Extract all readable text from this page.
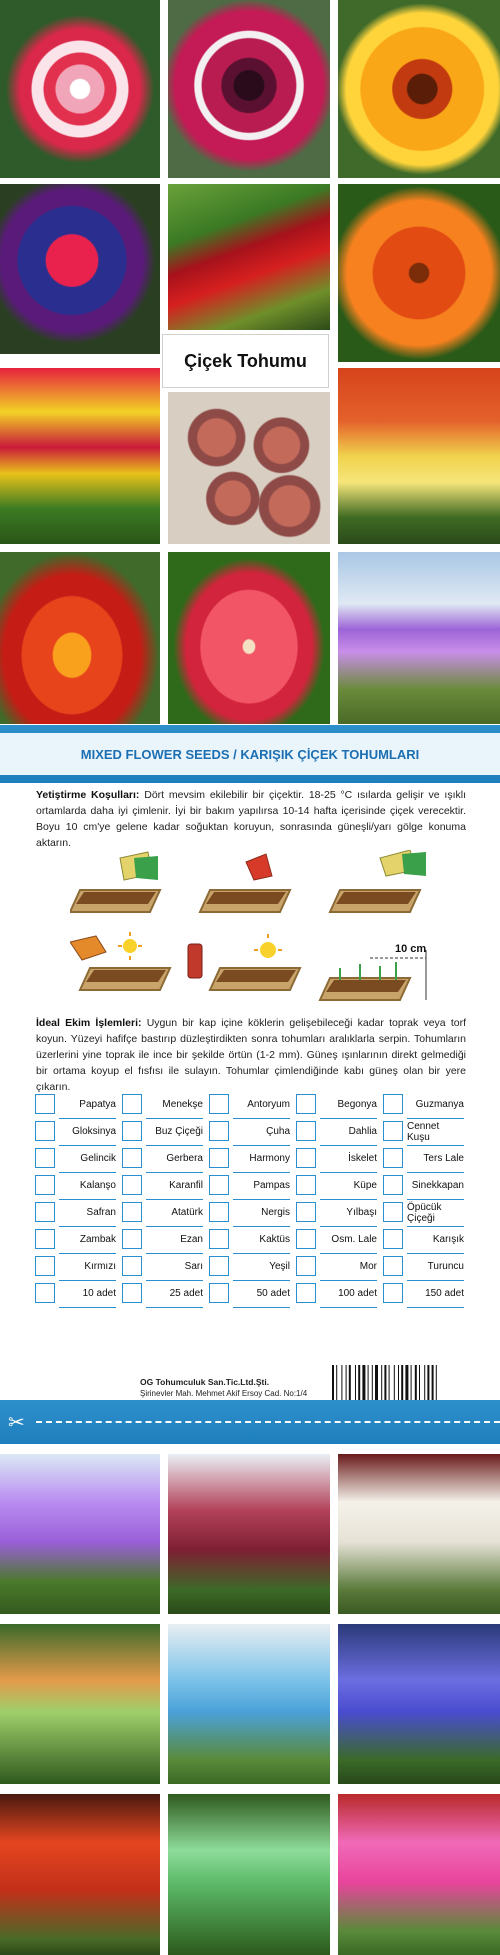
Çiçek Tohumu
MIXED FLOWER SEEDS / KARIŞIK ÇİÇEK TOHUMLARI
Yetiştirme Koşulları: Dört mevsim ekilebilir bir çiçektir. 18-25 °C ısılarda gelişir ve ışıklı ortamlarda daha iyi çimlenir. İyi bir bakım yapılırsa 10-14 hafta içerisinde çiçek verecektir. Boyu 10 cm'ye gelene kadar soğuktan koruyun, sonrasında güneşli/yarı gölge konuma aktarın.
10 cm
İdeal Ekim İşlemleri: Uygun bir kap içine köklerin gelişebileceği kadar toprak veya torf koyun. Yüzeyi hafifçe bastırıp düzleştirdikten sonra tohumları aralıklarla serpin. Tohumların üzerlerini yine toprak ile ince bir şekilde örtün (1-2 mm). Güneş ışınlarının direkt gelmediği bir ortama koyup el fısfısı ile sulayın. Tohumlar çimlendiğinde kabı güneş olan bir yere çıkarın.
Papatya	Menekşe	Antoryum	Begonya	Guzmanya
Gloksinya	Buz Çiçeği	Çuha	Dahlia	Cennet Kuşu
Gelincik	Gerbera	Harmony	İskelet	Ters Lale
Kalanşo	Karanfil	Pampas	Küpe	Sinekkapan
Safran	Atatürk	Nergis	Yılbaşı	Öpücük Çiçeği
Zambak	Ezan	Kaktüs	Osm. Lale	Karışık
Kırmızı	Sarı	Yeşil	Mor	Turuncu
10 adet	25 adet	50 adet	100 adet	150 adet
OG Tohumculuk San.Tic.Ltd.Şti.
Şirinevler Mah. Mehmet Akif Ersoy Cad. No:1/4
✂
